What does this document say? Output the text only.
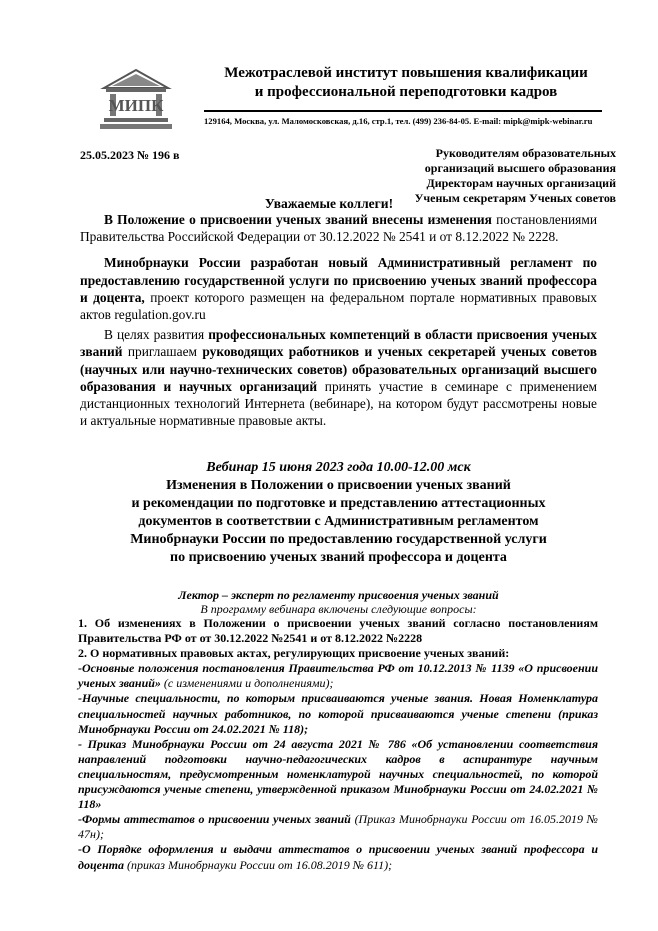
МИПК
Межотраслевой институт повышения квалификации
и профессиональной переподготовки кадров
129164, Москва, ул. Маломосковская, д.16, стр.1, тел. (499) 236-84-05. E-mail: mipk@mipk-webinar.ru
25.05.2023 № 196 в	Руководителям образовательных
организаций высшего образования
Директорам научных организаций
Ученым секретарям Ученых советов
Уважаемые коллеги!

В Положение о присвоении ученых званий внесены изменения постановлениями Правительства Российской Федерации от 30.12.2022 № 2541 и от 8.12.2022 № 2228.

Минобрнауки России разработан новый Административный регламент по предоставлению государственной услуги по присвоению ученых званий профессора и доцента, проект которого размещен на федеральном портале нормативных правовых актов regulation.gov.ru

В целях развития профессиональных компетенций в области присвоения ученых званий приглашаем руководящих работников и ученых секретарей ученых советов (научных или научно-технических советов) образовательных организаций высшего образования и научных организаций принять участие в семинаре с применением дистанционных технологий Интернета (вебинаре), на котором будут рассмотрены новые и актуальные нормативные правовые акты.

Вебинар 15 июня 2023 года 10.00-12.00 мск
Изменения в Положении о присвоении ученых званий
и рекомендации по подготовке и представлению аттестационных
документов в соответствии с Административным регламентом
Минобрнауки России по предоставлению государственной услуги
по присвоению ученых званий профессора и доцента
Лектор – эксперт по регламенту присвоения ученых званий
В программу вебинара включены следующие вопросы:

1. Об изменениях в Положении о присвоении ученых званий согласно постановлениям Правительства РФ от от 30.12.2022 №2541 и от 8.12.2022 №2228

2. О нормативных правовых актах, регулирующих присвоение ученых званий:

-Основные положения постановления Правительства РФ от 10.12.2013 № 1139 «О присвоении ученых званий» (с изменениями и дополнениями);

-Научные специальности, по которым присваиваются ученые звания. Новая Номенклатура специальностей научных работников, по которой присваиваются ученые степени (приказ Минобрнауки России от 24.02.2021 № 118);

- Приказ Минобрнауки России от 24 августа 2021 № 786 «Об установлении соответствия направлений подготовки научно-педагогических кадров в аспирантуре научным специальностям, предусмотренным номенклатурой научных специальностей, по которой присуждаются ученые степени, утвержденной приказом Минобрнауки России от 24.02.2021 № 118»

-Формы аттестатов о присвоении ученых званий (Приказ Минобрнауки России от 16.05.2019 № 47н);

-О Порядке оформления и выдачи аттестатов о присвоении ученых званий профессора и доцента (приказ Минобрнауки России от 16.08.2019 № 611);
